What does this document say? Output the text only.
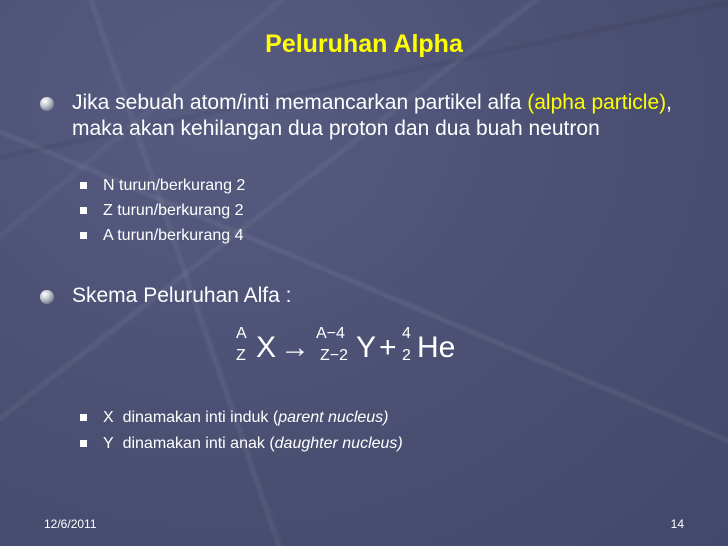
Peluruhan Alpha
Jika sebuah atom/inti memancarkan partikel alfa (alpha particle), maka akan kehilangan dua proton dan dua buah neutron
N turun/berkurang 2
Z turun/berkurang 2
A turun/berkurang 4
Skema Peluruhan Alfa :
A
Z X → A−4
Z−2 Y + 4
2 He
X dinamakan inti induk (parent nucleus)
Y dinamakan inti anak (daughter nucleus)
12/6/2011	14
